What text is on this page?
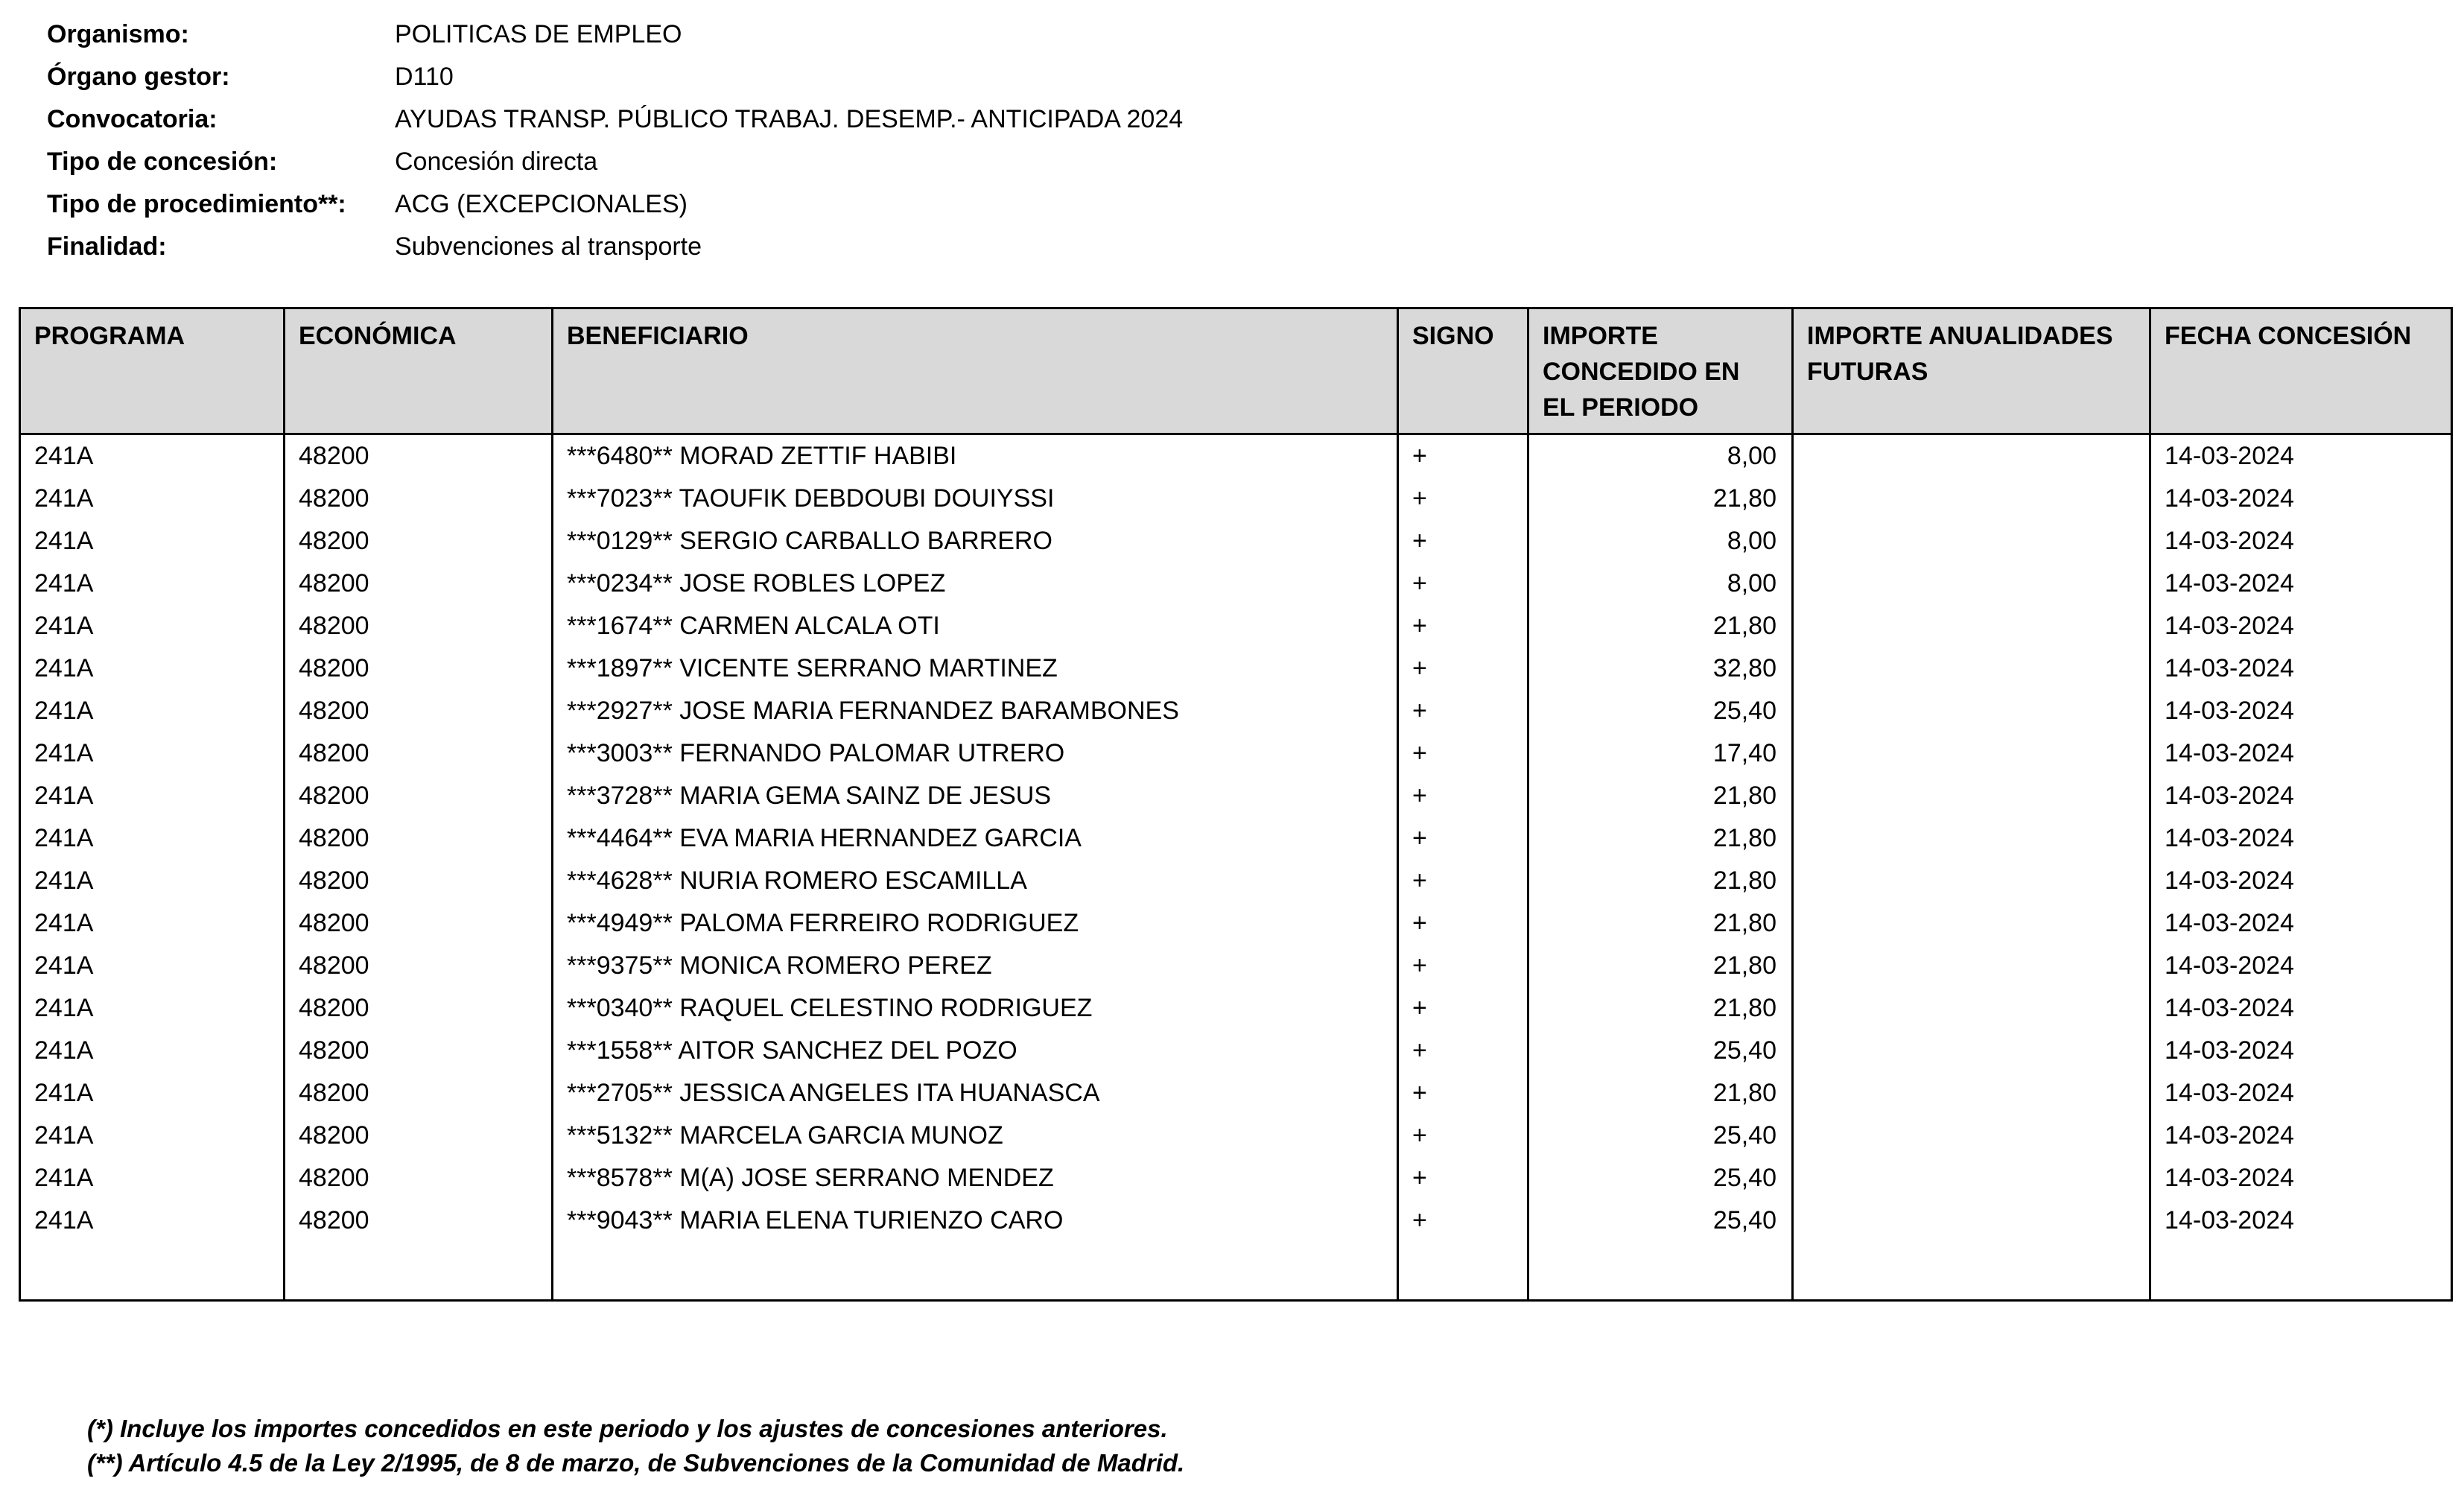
Organismo:	POLITICAS DE EMPLEO
Órgano gestor:	D110
Convocatoria:	AYUDAS TRANSP. PÚBLICO TRABAJ. DESEMP.- ANTICIPADA 2024
Tipo de concesión:	Concesión directa
Tipo de procedimiento**:	ACG (EXCEPCIONALES)
Finalidad:	Subvenciones al transporte
PROGRAMA	ECONÓMICA	BENEFICIARIO	SIGNO	IMPORTE CONCEDIDO EN EL PERIODO	IMPORTE ANUALIDADES FUTURAS	FECHA CONCESIÓN
241A	48200	***6480** MORAD ZETTIF HABIBI	+	8,00		14-03-2024
241A	48200	***7023** TAOUFIK DEBDOUBI DOUIYSSI	+	21,80		14-03-2024
241A	48200	***0129** SERGIO CARBALLO BARRERO	+	8,00		14-03-2024
241A	48200	***0234** JOSE ROBLES LOPEZ	+	8,00		14-03-2024
241A	48200	***1674** CARMEN ALCALA OTI	+	21,80		14-03-2024
241A	48200	***1897** VICENTE SERRANO MARTINEZ	+	32,80		14-03-2024
241A	48200	***2927** JOSE MARIA FERNANDEZ BARAMBONES	+	25,40		14-03-2024
241A	48200	***3003** FERNANDO PALOMAR UTRERO	+	17,40		14-03-2024
241A	48200	***3728** MARIA GEMA SAINZ DE JESUS	+	21,80		14-03-2024
241A	48200	***4464** EVA MARIA HERNANDEZ GARCIA	+	21,80		14-03-2024
241A	48200	***4628** NURIA ROMERO ESCAMILLA	+	21,80		14-03-2024
241A	48200	***4949** PALOMA FERREIRO RODRIGUEZ	+	21,80		14-03-2024
241A	48200	***9375** MONICA ROMERO PEREZ	+	21,80		14-03-2024
241A	48200	***0340** RAQUEL CELESTINO RODRIGUEZ	+	21,80		14-03-2024
241A	48200	***1558** AITOR SANCHEZ DEL POZO	+	25,40		14-03-2024
241A	48200	***2705** JESSICA ANGELES ITA HUANASCA	+	21,80		14-03-2024
241A	48200	***5132** MARCELA GARCIA MUNOZ	+	25,40		14-03-2024
241A	48200	***8578** M(A) JOSE SERRANO MENDEZ	+	25,40		14-03-2024
241A	48200	***9043** MARIA ELENA TURIENZO CARO	+	25,40		14-03-2024

(*) Incluye los importes concedidos en este periodo y los ajustes de concesiones anteriores.
(**) Artículo 4.5 de la Ley 2/1995, de 8 de marzo, de Subvenciones de la Comunidad de Madrid.
